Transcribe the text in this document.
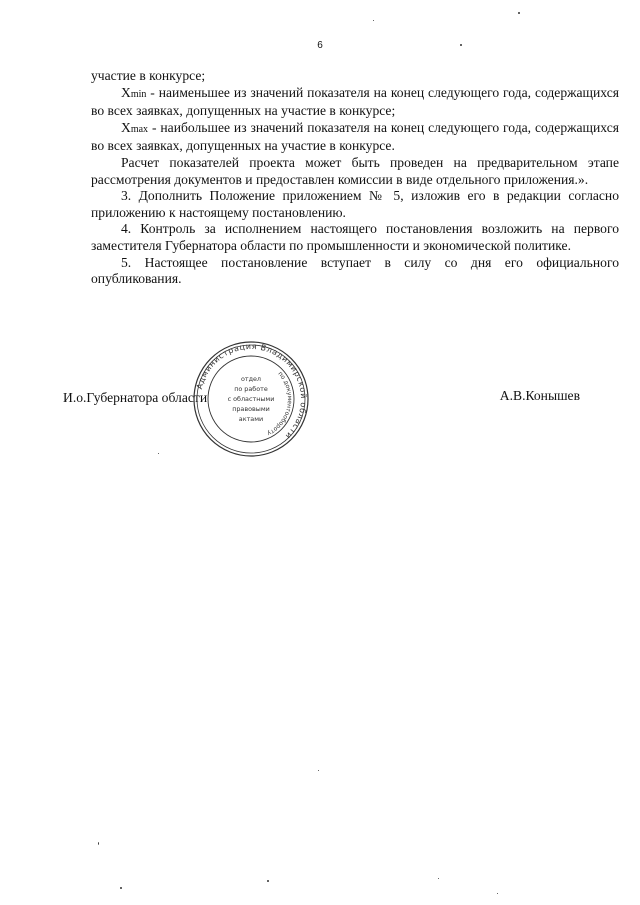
6

участие в конкурсе;

Xmin - наименьшее из значений показателя на конец следующего года, содержащихся во всех заявках, допущенных на участие в конкурсе;

Xmax - наибольшее из значений показателя на конец следующего года, содержащихся во всех заявках, допущенных на участие в конкурсе.

Расчет показателей проекта может быть проведен на предварительном этапе рассмотрения документов и предоставлен комиссии в виде отдельного приложения.».

3. Дополнить Положение приложением № 5, изложив его в редакции согласно приложению к настоящему постановлению.

4. Контроль за исполнением настоящего постановления возложить на первого заместителя Губернатора области по промышленности и экономической политике.

5. Настоящее постановление вступает в силу со дня его официального опубликования.

И.о.Губернатора области	А.В.Конышев
Администрация Владимирской области
по документообороту
отдел
по работе
с областными
правовыми
актами
